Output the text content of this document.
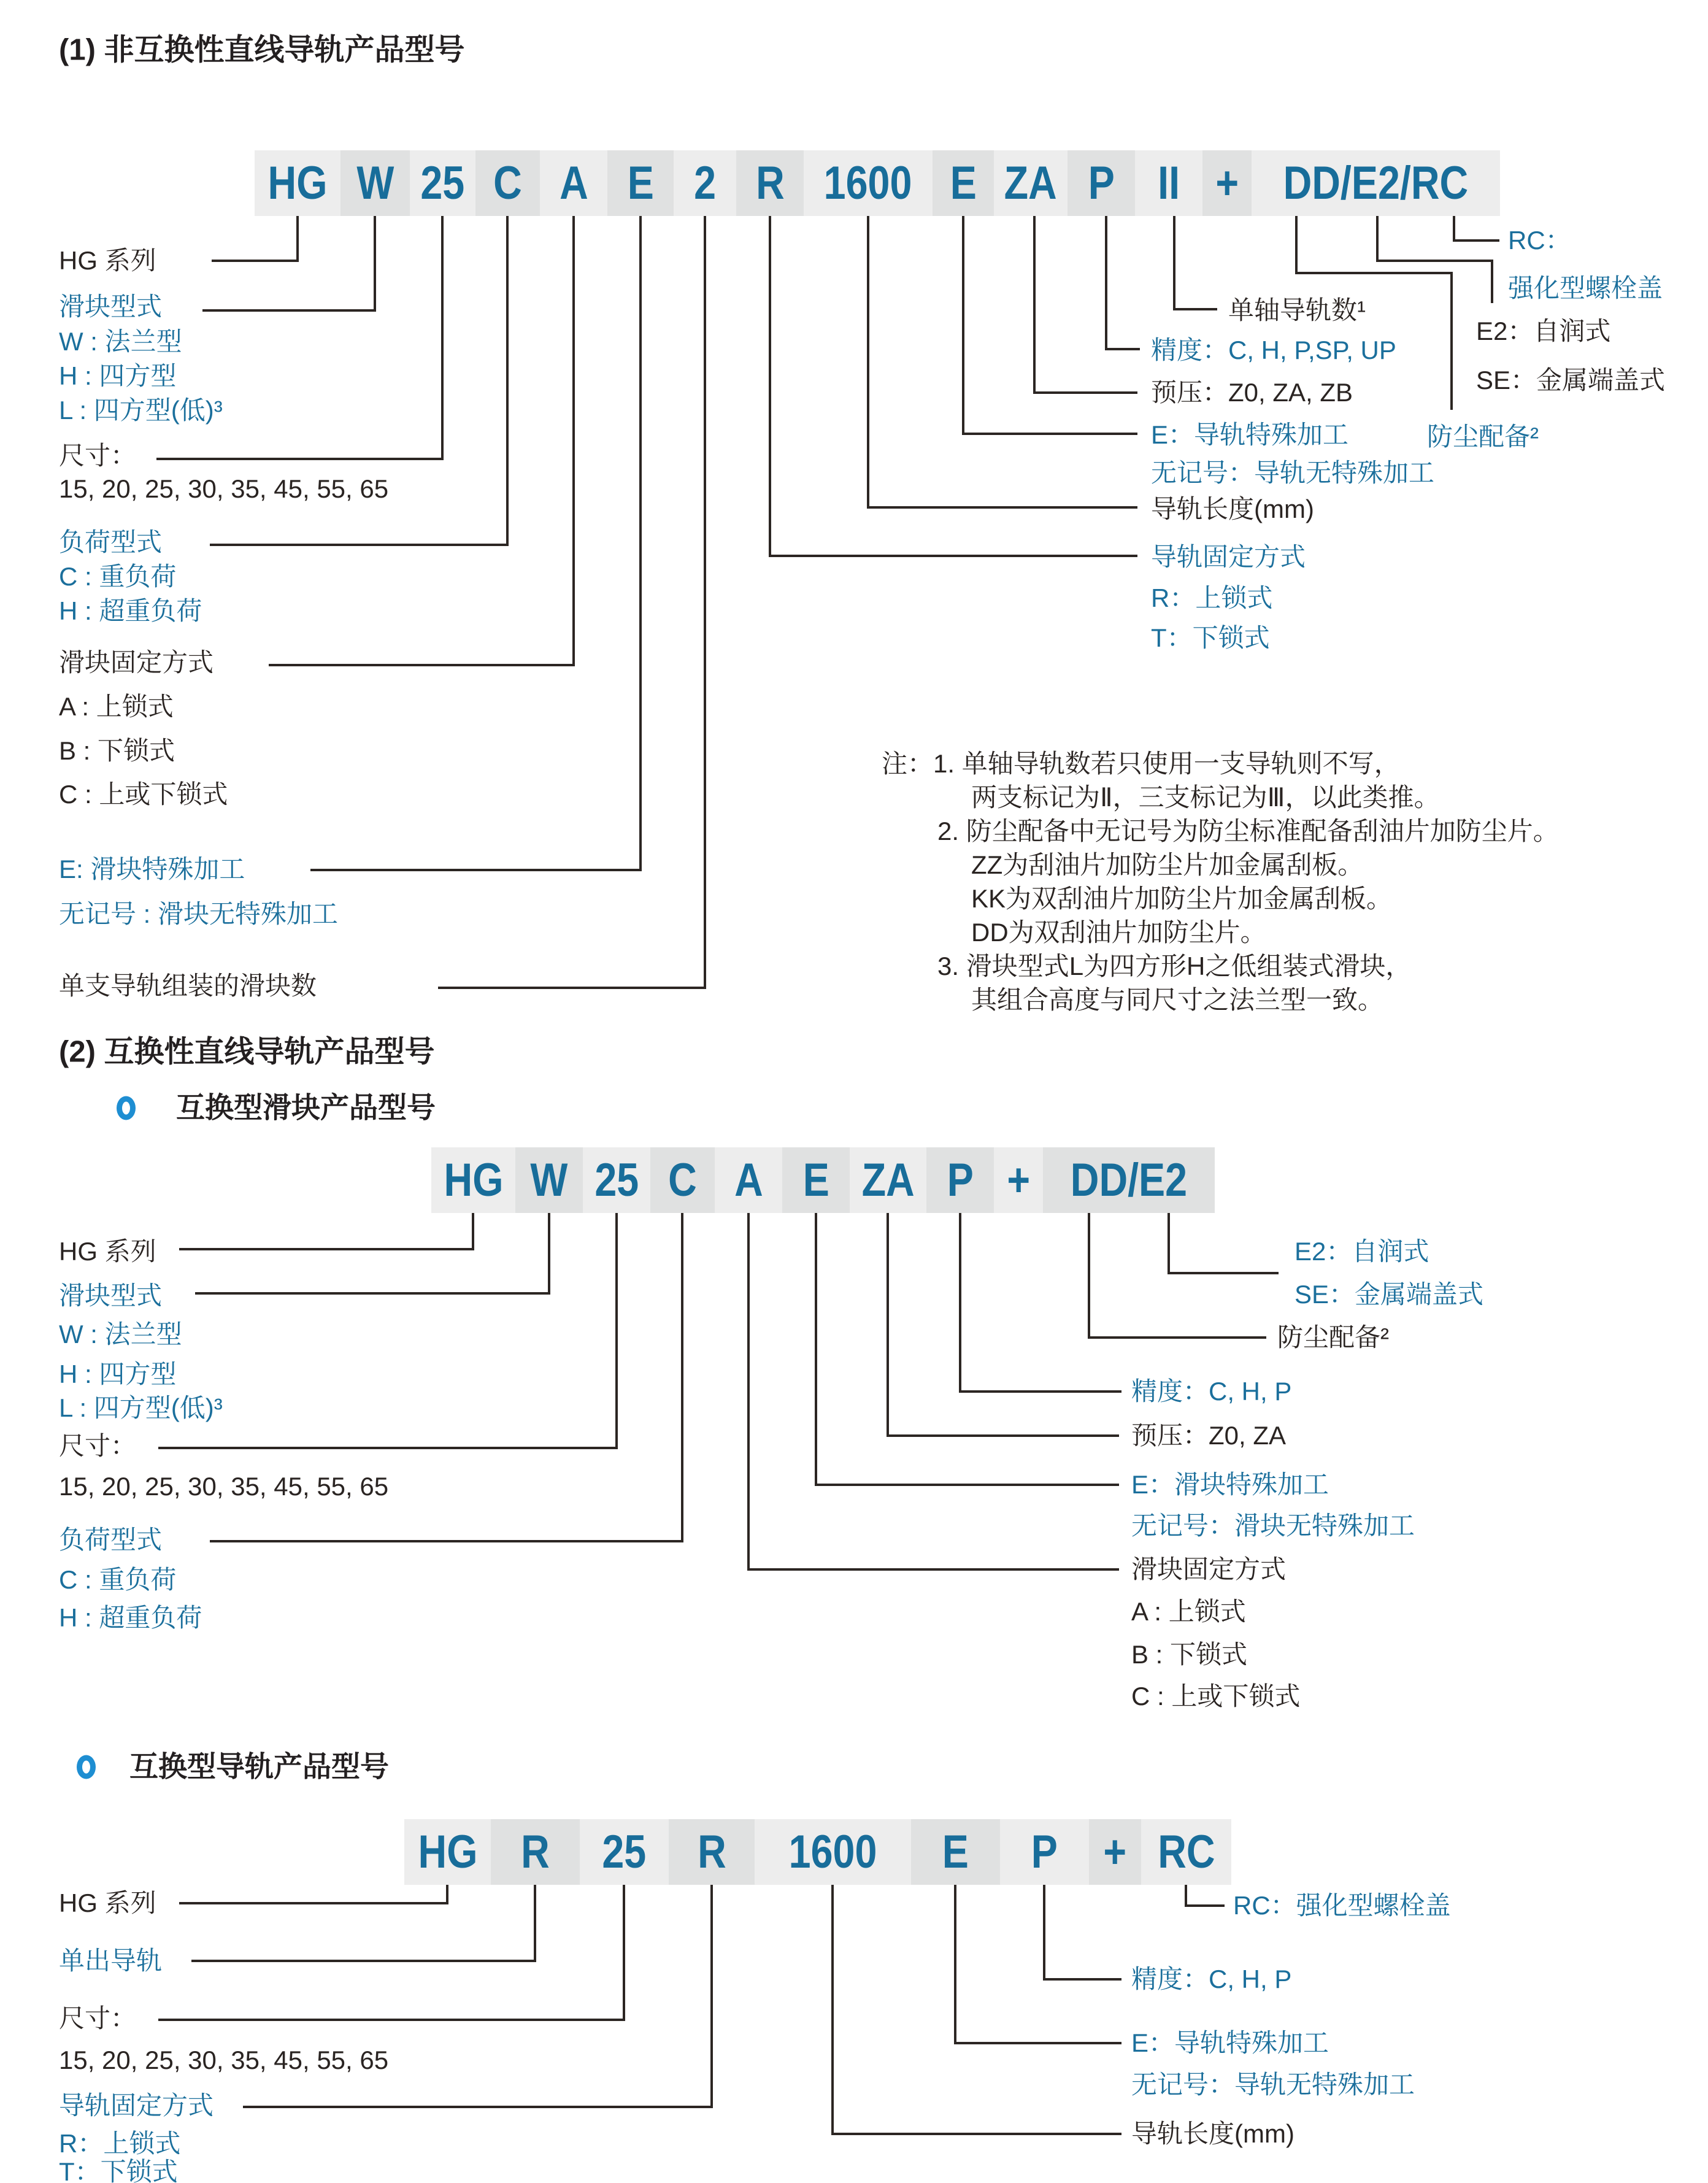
(1) 非互换性直线导轨产品型号
HG W 25 C A E 2 R 1600 E ZA P II + DD/E2/RC
HG 系列
滑块型式
W : 法兰型
H : 四方型
L : 四方型(低)³
尺寸：
15, 20, 25, 30, 35, 45, 55, 65
负荷型式
C : 重负荷
H : 超重负荷
滑块固定方式
A : 上锁式
B : 下锁式
C : 上或下锁式
E: 滑块特殊加工
无记号 : 滑块无特殊加工
单支导轨组装的滑块数
RC：
强化型螺栓盖
E2：自润式
SE：金属端盖式
单轴导轨数¹
防尘配备²
精度：C, H, P,SP, UP
预压：Z0, ZA, ZB
E：导轨特殊加工
无记号：导轨无特殊加工
导轨长度(mm)
导轨固定方式
R：上锁式
T：下锁式
注：1. 单轴导轨数若只使用一支导轨则不写，
两支标记为Ⅱ，三支标记为Ⅲ，以此类推。
2. 防尘配备中无记号为防尘标准配备刮油片加防尘片。
ZZ为刮油片加防尘片加金属刮板。
KK为双刮油片加防尘片加金属刮板。
DD为双刮油片加防尘片。
3. 滑块型式L为四方形H之低组装式滑块，
其组合高度与同尺寸之法兰型一致。
(2) 互换性直线导轨产品型号
互换型滑块产品型号
HG W 25 C A E ZA P + DD/E2
HG 系列
滑块型式
W : 法兰型
H : 四方型
L : 四方型(低)³
尺寸：
15, 20, 25, 30, 35, 45, 55, 65
负荷型式
C : 重负荷
H : 超重负荷
E2：自润式
SE：金属端盖式
防尘配备²
精度：C, H, P
预压：Z0, ZA
E：滑块特殊加工
无记号：滑块无特殊加工
滑块固定方式
A : 上锁式
B : 下锁式
C : 上或下锁式
互换型导轨产品型号
HG R 25 R 1600 E P + RC
HG 系列
单出导轨
尺寸：
15, 20, 25, 30, 35, 45, 55, 65
导轨固定方式
R：上锁式
T：下锁式
RC：强化型螺栓盖
精度：C, H, P
E：导轨特殊加工
无记号：导轨无特殊加工
导轨长度(mm)
